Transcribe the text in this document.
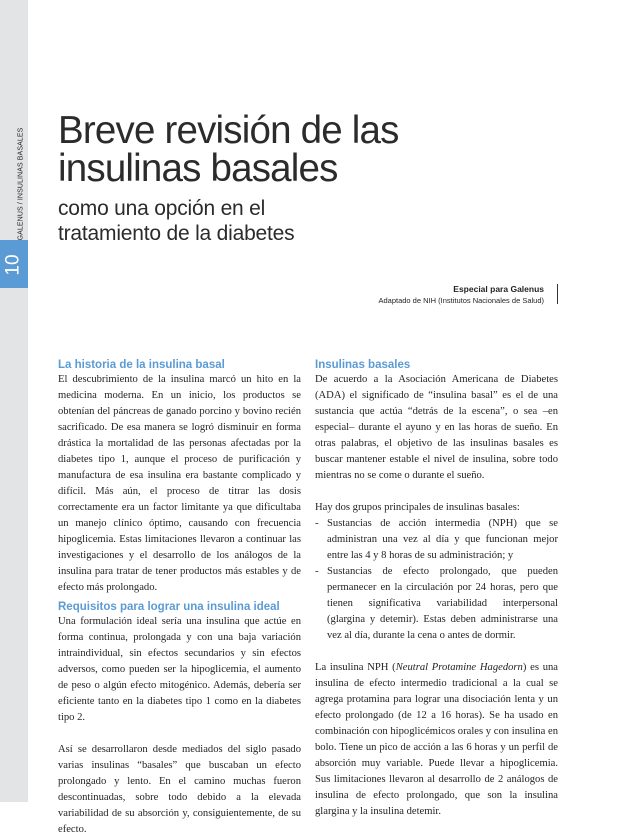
10
GALENUS / INSULINAS BASALES Breve revisión de las
insulinas basales
como una opción en el
tratamiento de la diabetes
Especial para Galenus
Adaptado de NIH (Institutos Nacionales de Salud)
La historia de la insulina basal

El descubrimiento de la insulina marcó un hito en la medicina moderna. En un inicio, los productos se obtenían del páncreas de ganado porcino y bovino recién sacrificado. De esa manera se logró disminuir en forma drástica la mortalidad de las personas afectadas por la diabetes tipo 1, aunque el proceso de purificación y manufactura de esa insulina era bastante complicado y difícil. Más aún, el proceso de titrar las dosis correctamente era un factor limitante ya que dificultaba un manejo clínico óptimo, causando con frecuencia hipoglicemia. Estas limitaciones llevaron a continuar las investigaciones y el desarrollo de los análogos de la insulina para tratar de tener productos más estables y de efecto más prolongado.

Requisitos para lograr una insulina ideal

Una formulación ideal sería una insulina que actúe en forma continua, prolongada y con una baja variación intraindividual, sin efectos secundarios y sin efectos adversos, como pueden ser la hipoglicemia, el aumento de peso o algún efecto mitogénico. Además, debería ser eficiente tanto en la diabetes tipo 1 como en la diabetes tipo 2.

Así se desarrollaron desde mediados del siglo pasado varias insulinas “basales” que buscaban un efecto prolongado y lento. En el camino muchas fueron descontinuadas, sobre todo debido a la elevada variabilidad de su absorción y, consiguientemente, de su efecto.

Insulinas basales

De acuerdo a la Asociación Americana de Diabetes (ADA) el significado de “insulina basal” es el de una sustancia que actúa “detrás de la escena”, o sea –en especial– durante el ayuno y en las horas de sueño. En otras palabras, el objetivo de las insulinas basales es buscar mantener estable el nivel de insulina, sobre todo mientras no se come o durante el sueño.

Hay dos grupos principales de insulinas basales:

- Sustancias de acción intermedia (NPH) que se administran una vez al día y que funcionan mejor entre las 4 y 8 horas de su administración; y
- Sustancias de efecto prolongado, que pueden permanecer en la circulación por 24 horas, pero que tienen significativa variabilidad interpersonal (glargina y detemir). Estas deben administrarse una vez al día, durante la cena o antes de dormir.

La insulina NPH (Neutral Protamine Hagedorn) es una insulina de efecto intermedio tradicional a la cual se agrega protamina para lograr una disociación lenta y un efecto prolongado (de 12 a 16 horas). Se ha usado en combinación con hipoglicémicos orales y con insulina en bolo. Tiene un pico de acción a las 6 horas y un perfil de absorción muy variable. Puede llevar a hipoglicemia. Sus limitaciones llevaron al desarrollo de 2 análogos de insulina de efecto prolongado, que son la insulina glargina y la insulina detemir.
